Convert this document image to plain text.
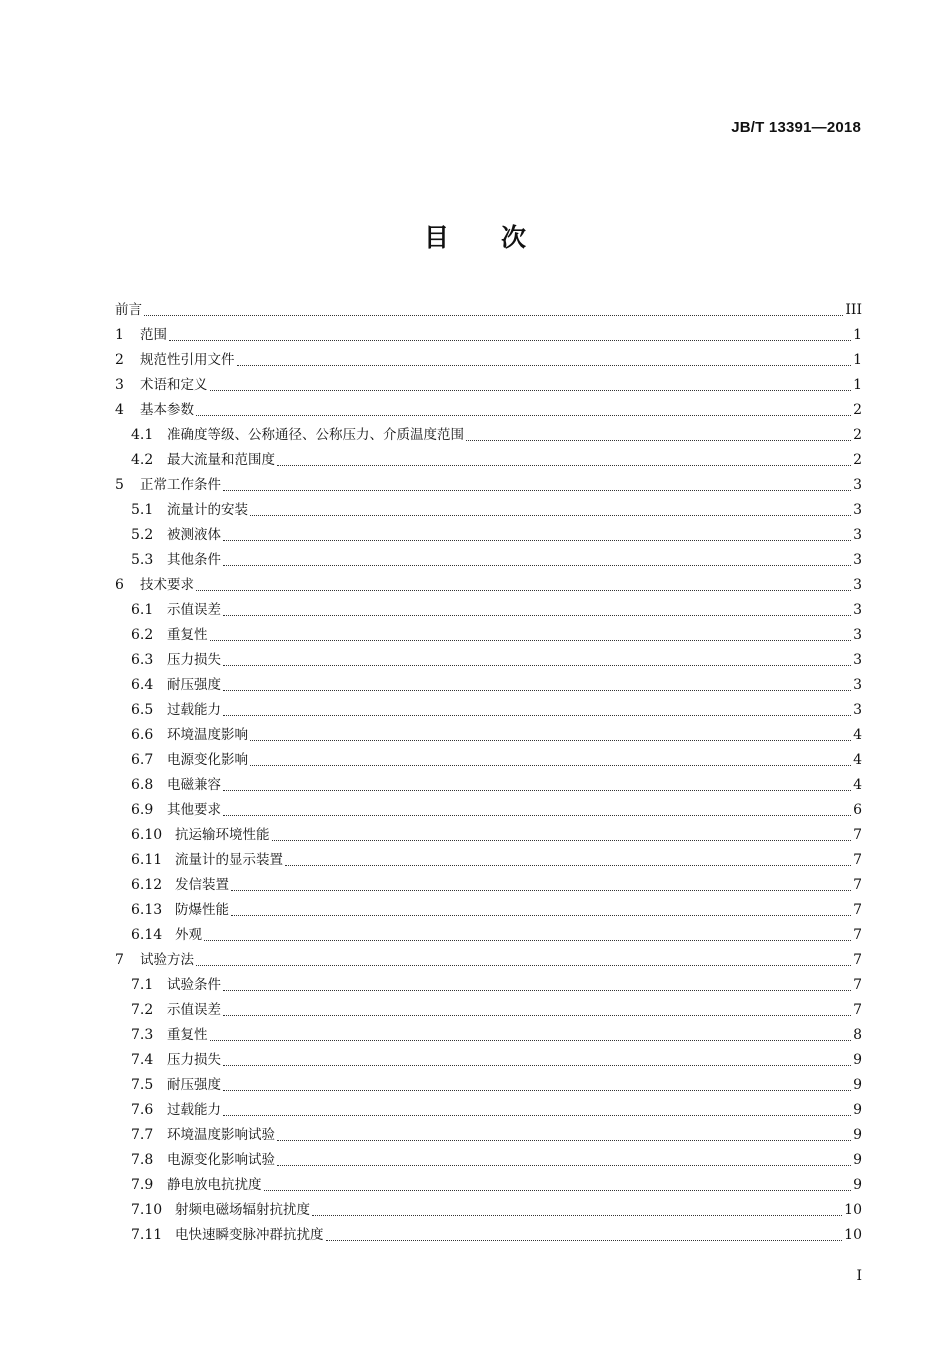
JB/T 13391—2018
目 次
前言	III
1	范围	1
2	规范性引用文件	1
3	术语和定义	1
4	基本参数	2
4.1	准确度等级、公称通径、公称压力、介质温度范围	2
4.2	最大流量和范围度	2
5	正常工作条件	3
5.1	流量计的安装	3
5.2	被测液体	3
5.3	其他条件	3
6	技术要求	3
6.1	示值误差	3
6.2	重复性	3
6.3	压力损失	3
6.4	耐压强度	3
6.5	过载能力	3
6.6	环境温度影响	4
6.7	电源变化影响	4
6.8	电磁兼容	4
6.9	其他要求	6
6.10 抗运输环境性能	7
6.11 流量计的显示装置	7
6.12 发信装置	7
6.13 防爆性能	7
6.14 外观	7
7	试验方法	7
7.1	试验条件	7
7.2	示值误差	7
7.3	重复性	8
7.4	压力损失	9
7.5	耐压强度	9
7.6	过载能力	9
7.7	环境温度影响试验	9
7.8	电源变化影响试验	9
7.9	静电放电抗扰度	9
7.10 射频电磁场辐射抗扰度	10
7.11 电快速瞬变脉冲群抗扰度	10
I
